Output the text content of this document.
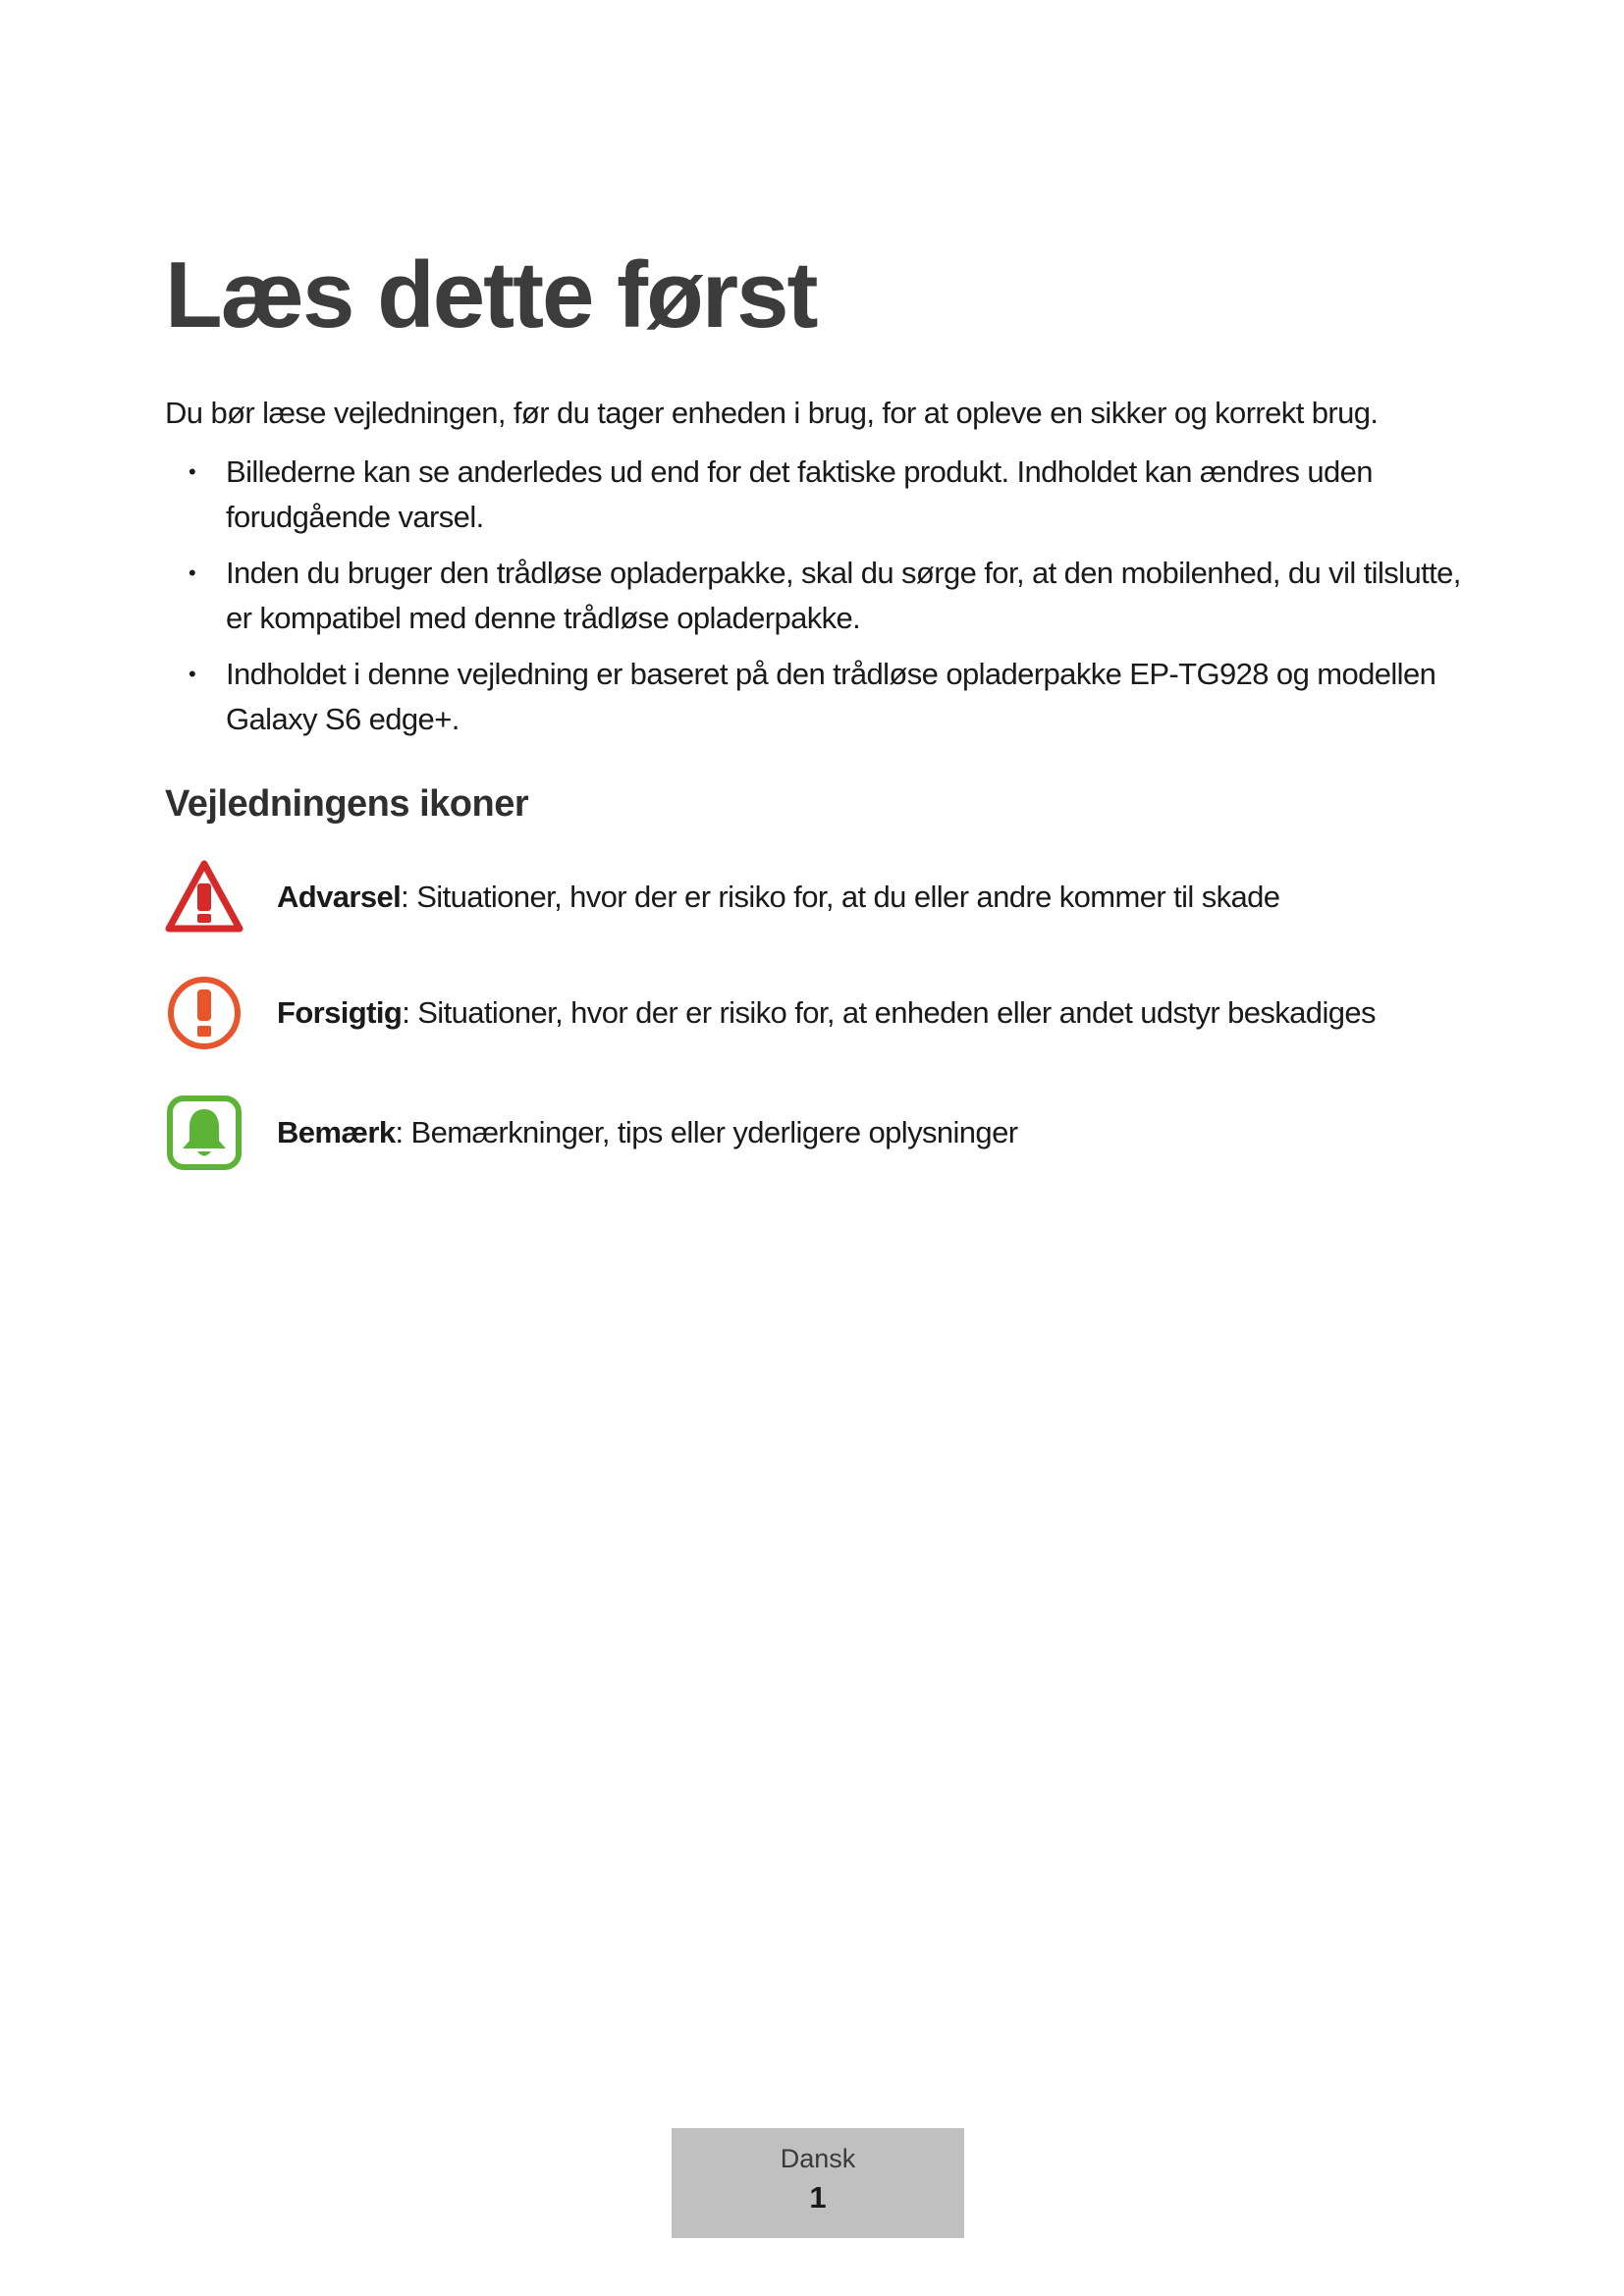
Læs dette først

Du bør læse vejledningen, før du tager enheden i brug, for at opleve en sikker og korrekt brug.

• Billederne kan se anderledes ud end for det faktiske produkt. Indholdet kan ændres uden forudgående varsel.
• Inden du bruger den trådløse opladerpakke, skal du sørge for, at den mobilenhed, du vil tilslutte, er kompatibel med denne trådløse opladerpakke.
• Indholdet i denne vejledning er baseret på den trådløse opladerpakke EP-TG928 og modellen Galaxy S6 edge+.
Vejledningens ikoner
Advarsel: Situationer, hvor der er risiko for, at du eller andre kommer til skade
Forsigtig: Situationer, hvor der er risiko for, at enheden eller andet udstyr beskadiges
Bemærk: Bemærkninger, tips eller yderligere oplysninger
Dansk
1
